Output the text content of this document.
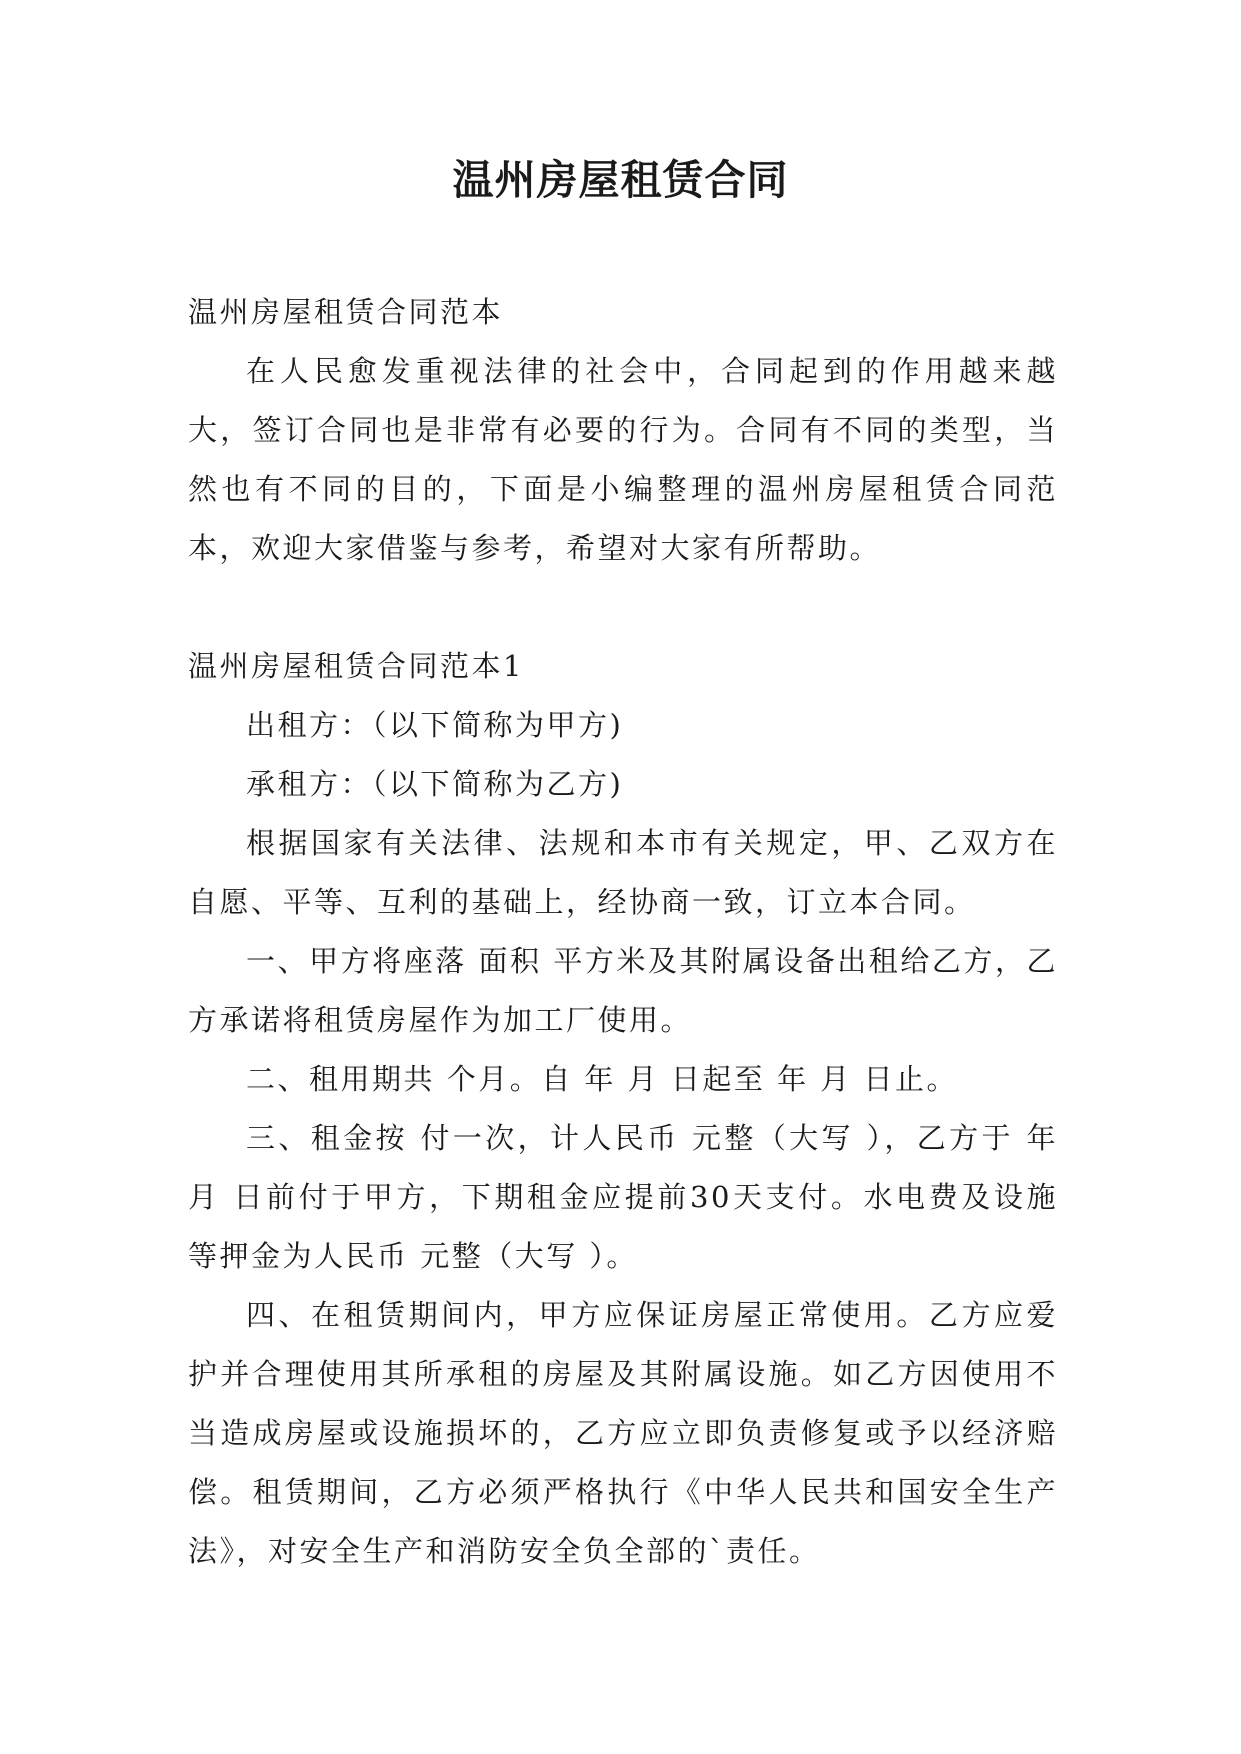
温州房屋租赁合同

温州房屋租赁合同范本

在人民愈发重视法律的社会中，合同起到的作用越来越大，签订合同也是非常有必要的行为。合同有不同的类型，当然也有不同的目的，下面是小编整理的温州房屋租赁合同范本，欢迎大家借鉴与参考，希望对大家有所帮助。

温州房屋租赁合同范本1

出租方：（以下简称为甲方)

承租方：（以下简称为乙方)

根据国家有关法律、法规和本市有关规定，甲、乙双方在自愿、平等、互利的基础上，经协商一致，订立本合同。

一、甲方将座落 面积 平方米及其附属设备出租给乙方，乙方承诺将租赁房屋作为加工厂使用。

二、租用期共 个月。自 年 月 日起至 年 月 日止。

三、租金按 付一次，计人民币 元整（大写 ），乙方于 年 月 日前付于甲方，下期租金应提前30天支付。水电费及设施等押金为人民币 元整（大写 ）。

四、在租赁期间内，甲方应保证房屋正常使用。乙方应爱护并合理使用其所承租的房屋及其附属设施。如乙方因使用不当造成房屋或设施损坏的，乙方应立即负责修复或予以经济赔偿。租赁期间，乙方必须严格执行《中华人民共和国安全生产法》，对安全生产和消防安全负全部的`责任。
